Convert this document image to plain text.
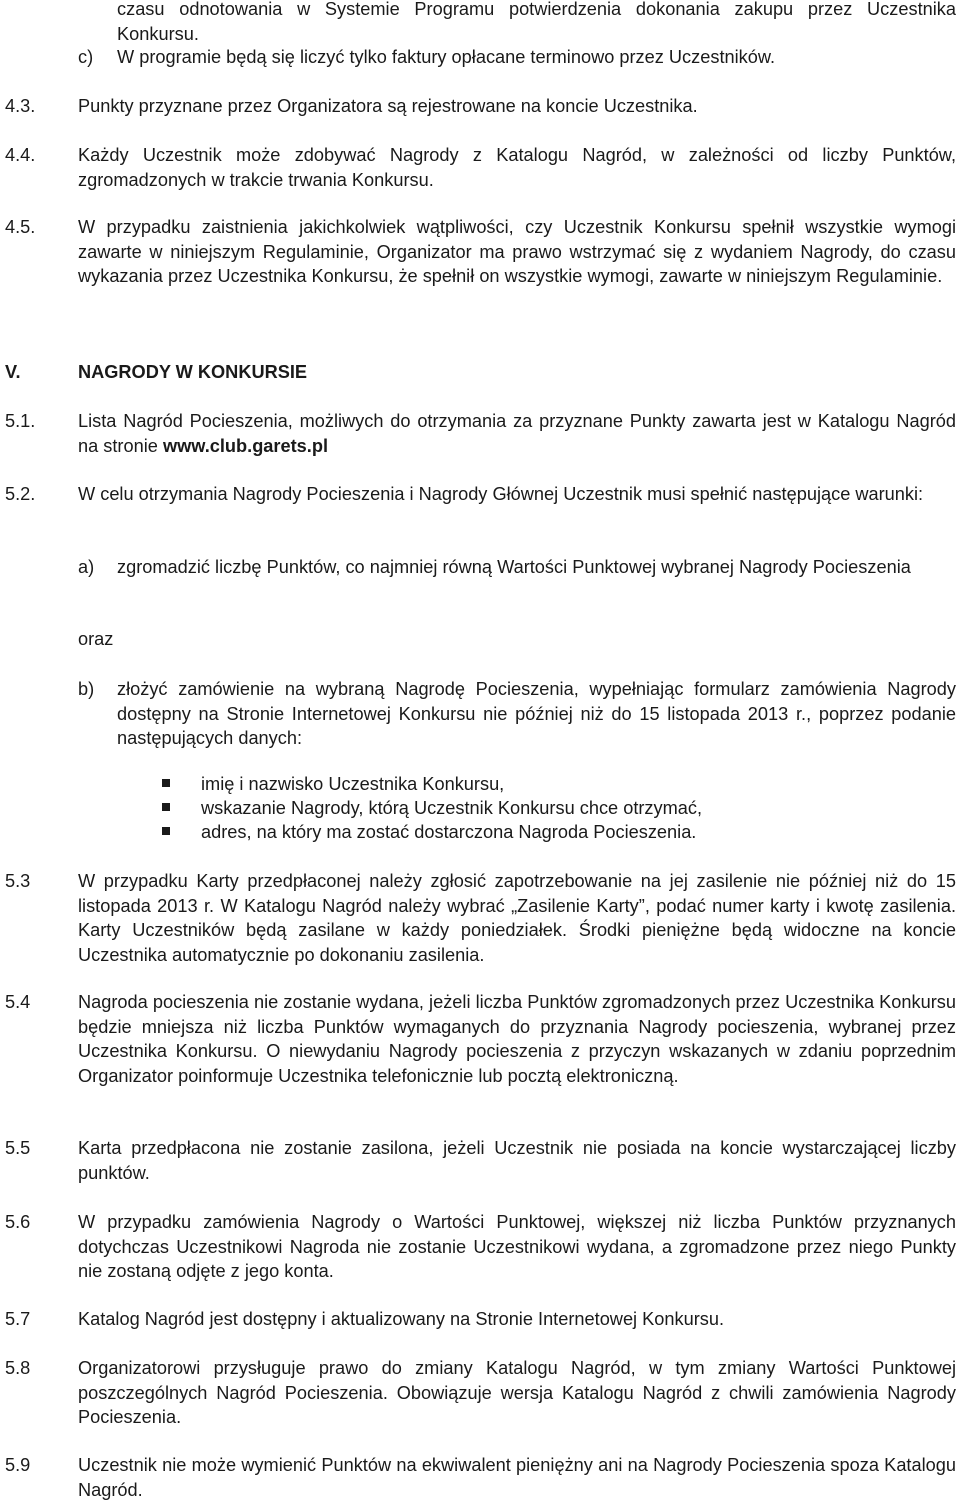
czasu odnotowania w Systemie Programu potwierdzenia dokonania zakupu przez Uczestnika Konkursu.
c) W programie będą się liczyć tylko faktury opłacane terminowo przez Uczestników.
4.3. Punkty przyznane przez Organizatora są rejestrowane na koncie Uczestnika.
4.4. Każdy Uczestnik może zdobywać Nagrody z Katalogu Nagród, w zależności od liczby Punktów, zgromadzonych w trakcie trwania Konkursu.
4.5. W przypadku zaistnienia jakichkolwiek wątpliwości, czy Uczestnik Konkursu spełnił wszystkie wymogi zawarte w niniejszym Regulaminie, Organizator ma prawo wstrzymać się z wydaniem Nagrody, do czasu wykazania przez Uczestnika Konkursu, że spełnił on wszystkie wymogi, zawarte w niniejszym Regulaminie.
V.	NAGRODY W KONKURSIE
5.1. Lista Nagród Pocieszenia, możliwych do otrzymania za przyznane Punkty zawarta jest w Katalogu Nagród na stronie www.club.garets.pl
5.2. W celu otrzymania Nagrody Pocieszenia i Nagrody Głównej Uczestnik musi spełnić następujące warunki:
a) zgromadzić liczbę Punktów, co najmniej równą Wartości Punktowej wybranej Nagrody Pocieszenia
oraz
b) złożyć zamówienie na wybraną Nagrodę Pocieszenia, wypełniając formularz zamówienia Nagrody dostępny na Stronie Internetowej Konkursu nie później niż do 15 listopada 2013 r., poprzez podanie następujących danych:
imię i nazwisko Uczestnika Konkursu,
wskazanie Nagrody, którą Uczestnik Konkursu chce otrzymać,
adres, na który ma zostać dostarczona Nagroda Pocieszenia.
5.3	W przypadku Karty przedpłaconej należy zgłosić zapotrzebowanie na jej zasilenie nie później niż do 15 listopada 2013 r. W Katalogu Nagród należy wybrać „Zasilenie Karty”, podać numer karty i kwotę zasilenia. Karty Uczestników będą zasilane w każdy poniedziałek. Środki pieniężne będą widoczne na koncie Uczestnika automatycznie po dokonaniu zasilenia.
5.4	Nagroda pocieszenia nie zostanie wydana, jeżeli liczba Punktów zgromadzonych przez Uczestnika Konkursu będzie mniejsza niż liczba Punktów wymaganych do przyznania Nagrody pocieszenia, wybranej przez Uczestnika Konkursu. O niewydaniu Nagrody pocieszenia z przyczyn wskazanych w zdaniu poprzednim Organizator poinformuje Uczestnika telefonicznie lub pocztą elektroniczną.
5.5	Karta przedpłacona nie zostanie zasilona, jeżeli Uczestnik nie posiada na koncie wystarczającej liczby punktów.
5.6	W przypadku zamówienia Nagrody o Wartości Punktowej, większej niż liczba Punktów przyznanych dotychczas Uczestnikowi Nagroda nie zostanie Uczestnikowi wydana, a zgromadzone przez niego Punkty nie zostaną odjęte z jego konta.
5.7	Katalog Nagród jest dostępny i aktualizowany na Stronie Internetowej Konkursu.
5.8	Organizatorowi przysługuje prawo do zmiany Katalogu Nagród, w tym zmiany Wartości Punktowej poszczególnych Nagród Pocieszenia. Obowiązuje wersja Katalogu Nagród z chwili zamówienia Nagrody Pocieszenia.
5.9	Uczestnik nie może wymienić Punktów na ekwiwalent pieniężny ani na Nagrody Pocieszenia spoza Katalogu Nagród.
